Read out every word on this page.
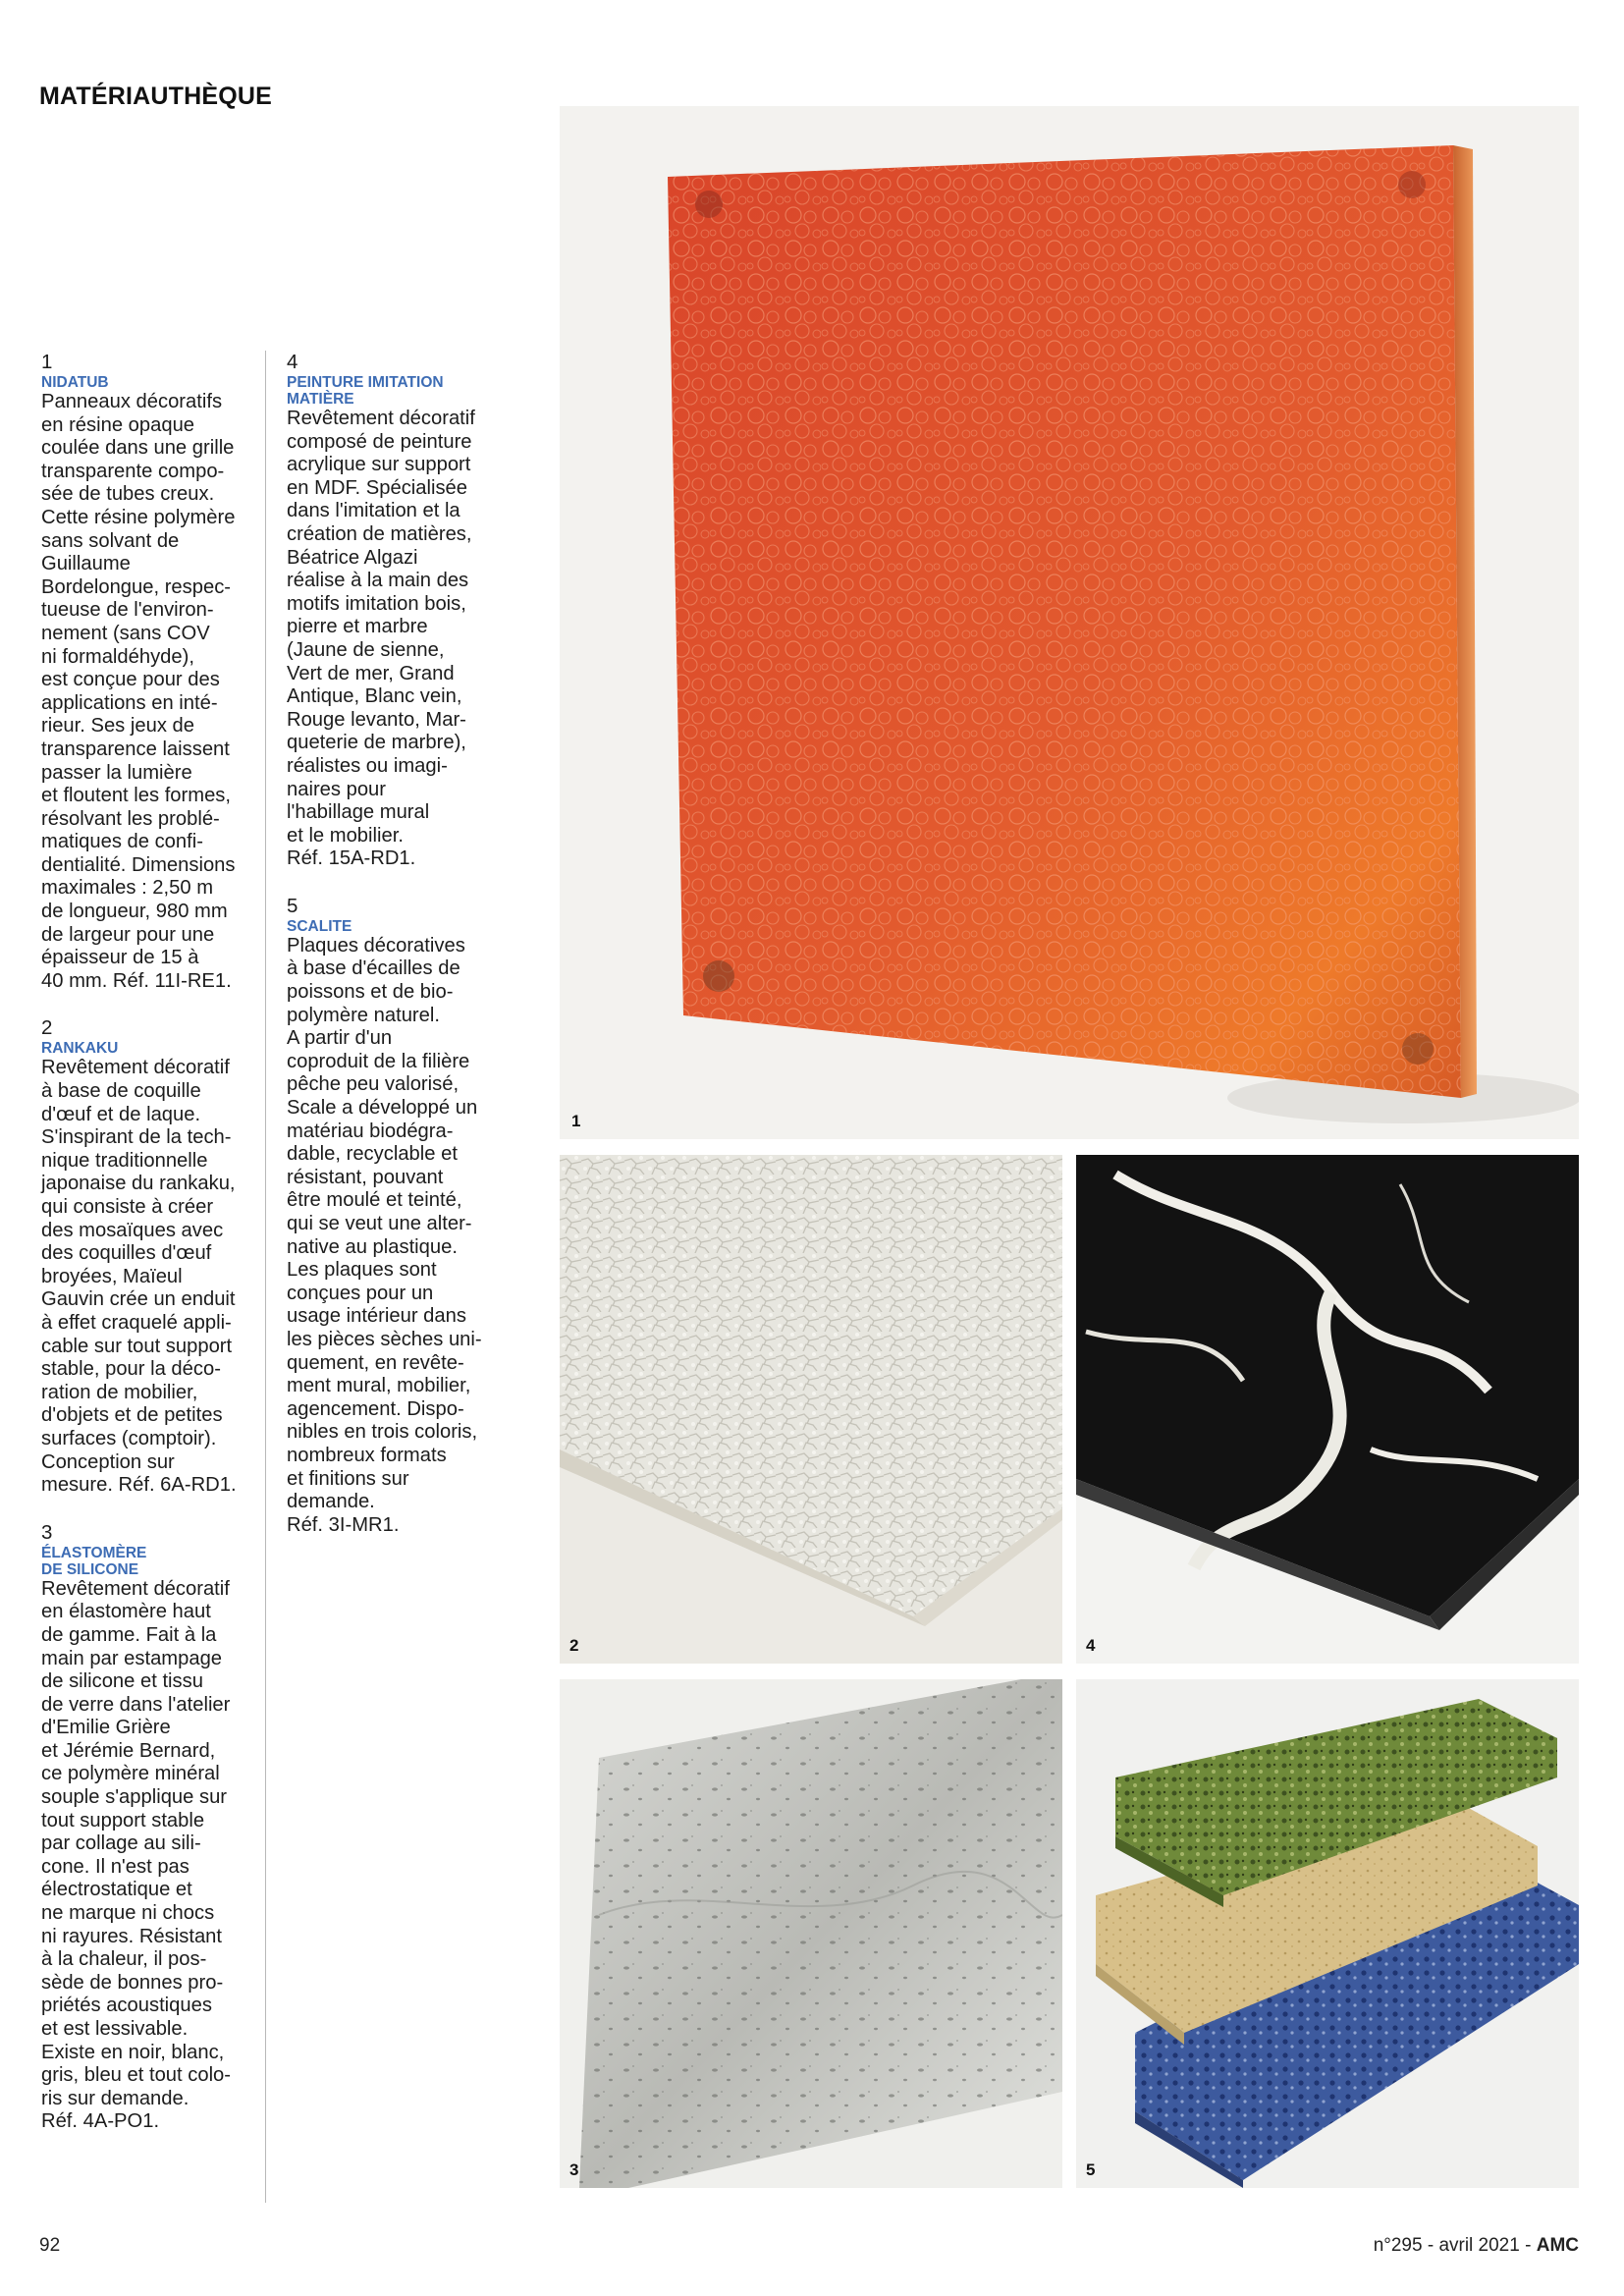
MATÉRIAUTHÈQUE
1
NIDATUB
Panneaux décoratifs
en résine opaque
coulée dans une grille
transparente compo-
sée de tubes creux.
Cette résine polymère
sans solvant de
Guillaume
Bordelongue, respec-
tueuse de l'environ-
nement (sans COV
ni formaldéhyde),
est conçue pour des
applications en inté-
rieur. Ses jeux de
transparence laissent
passer la lumière
et floutent les formes,
résolvant les problé-
matiques de confi-
dentialité. Dimensions
maximales : 2,50 m
de longueur, 980 mm
de largeur pour une
épaisseur de 15 à
40 mm. Réf. 11I-RE1.
2
RANKAKU
Revêtement décoratif
à base de coquille
d'œuf et de laque.
S'inspirant de la tech-
nique traditionnelle
japonaise du rankaku,
qui consiste à créer
des mosaïques avec
des coquilles d'œuf
broyées, Maïeul
Gauvin crée un enduit
à effet craquelé appli-
cable sur tout support
stable, pour la déco-
ration de mobilier,
d'objets et de petites
surfaces (comptoir).
Conception sur
mesure. Réf. 6A-RD1.
3
ÉLASTOMÈRE
DE SILICONE
Revêtement décoratif
en élastomère haut
de gamme. Fait à la
main par estampage
de silicone et tissu
de verre dans l'atelier
d'Emilie Grière
et Jérémie Bernard,
ce polymère minéral
souple s'applique sur
tout support stable
par collage au sili-
cone. Il n'est pas
électrostatique et
ne marque ni chocs
ni rayures. Résistant
à la chaleur, il pos-
sède de bonnes pro-
priétés acoustiques
et est lessivable.
Existe en noir, blanc,
gris, bleu et tout colo-
ris sur demande.
Réf. 4A-PO1.
4
PEINTURE IMITATION
MATIÈRE
Revêtement décoratif
composé de peinture
acrylique sur support
en MDF. Spécialisée
dans l'imitation et la
création de matières,
Béatrice Algazi
réalise à la main des
motifs imitation bois,
pierre et marbre
(Jaune de sienne,
Vert de mer, Grand
Antique, Blanc vein,
Rouge levanto, Mar-
queterie de marbre),
réalistes ou imagi-
naires pour
l'habillage mural
et le mobilier.
Réf. 15A-RD1.
5
SCALITE
Plaques décoratives
à base d'écailles de
poissons et de bio-
polymère naturel.
A partir d'un
coproduit de la filière
pêche peu valorisé,
Scale a développé un
matériau biodégra-
dable, recyclable et
résistant, pouvant
être moulé et teinté,
qui se veut une alter-
native au plastique.
Les plaques sont
conçues pour un
usage intérieur dans
les pièces sèches uni-
quement, en revête-
ment mural, mobilier,
agencement. Dispo-
nibles en trois coloris,
nombreux formats
et finitions sur
demande.
Réf. 3I-MR1.
1
2	4
3	5
92	n°295 - avril 2021 - AMC
